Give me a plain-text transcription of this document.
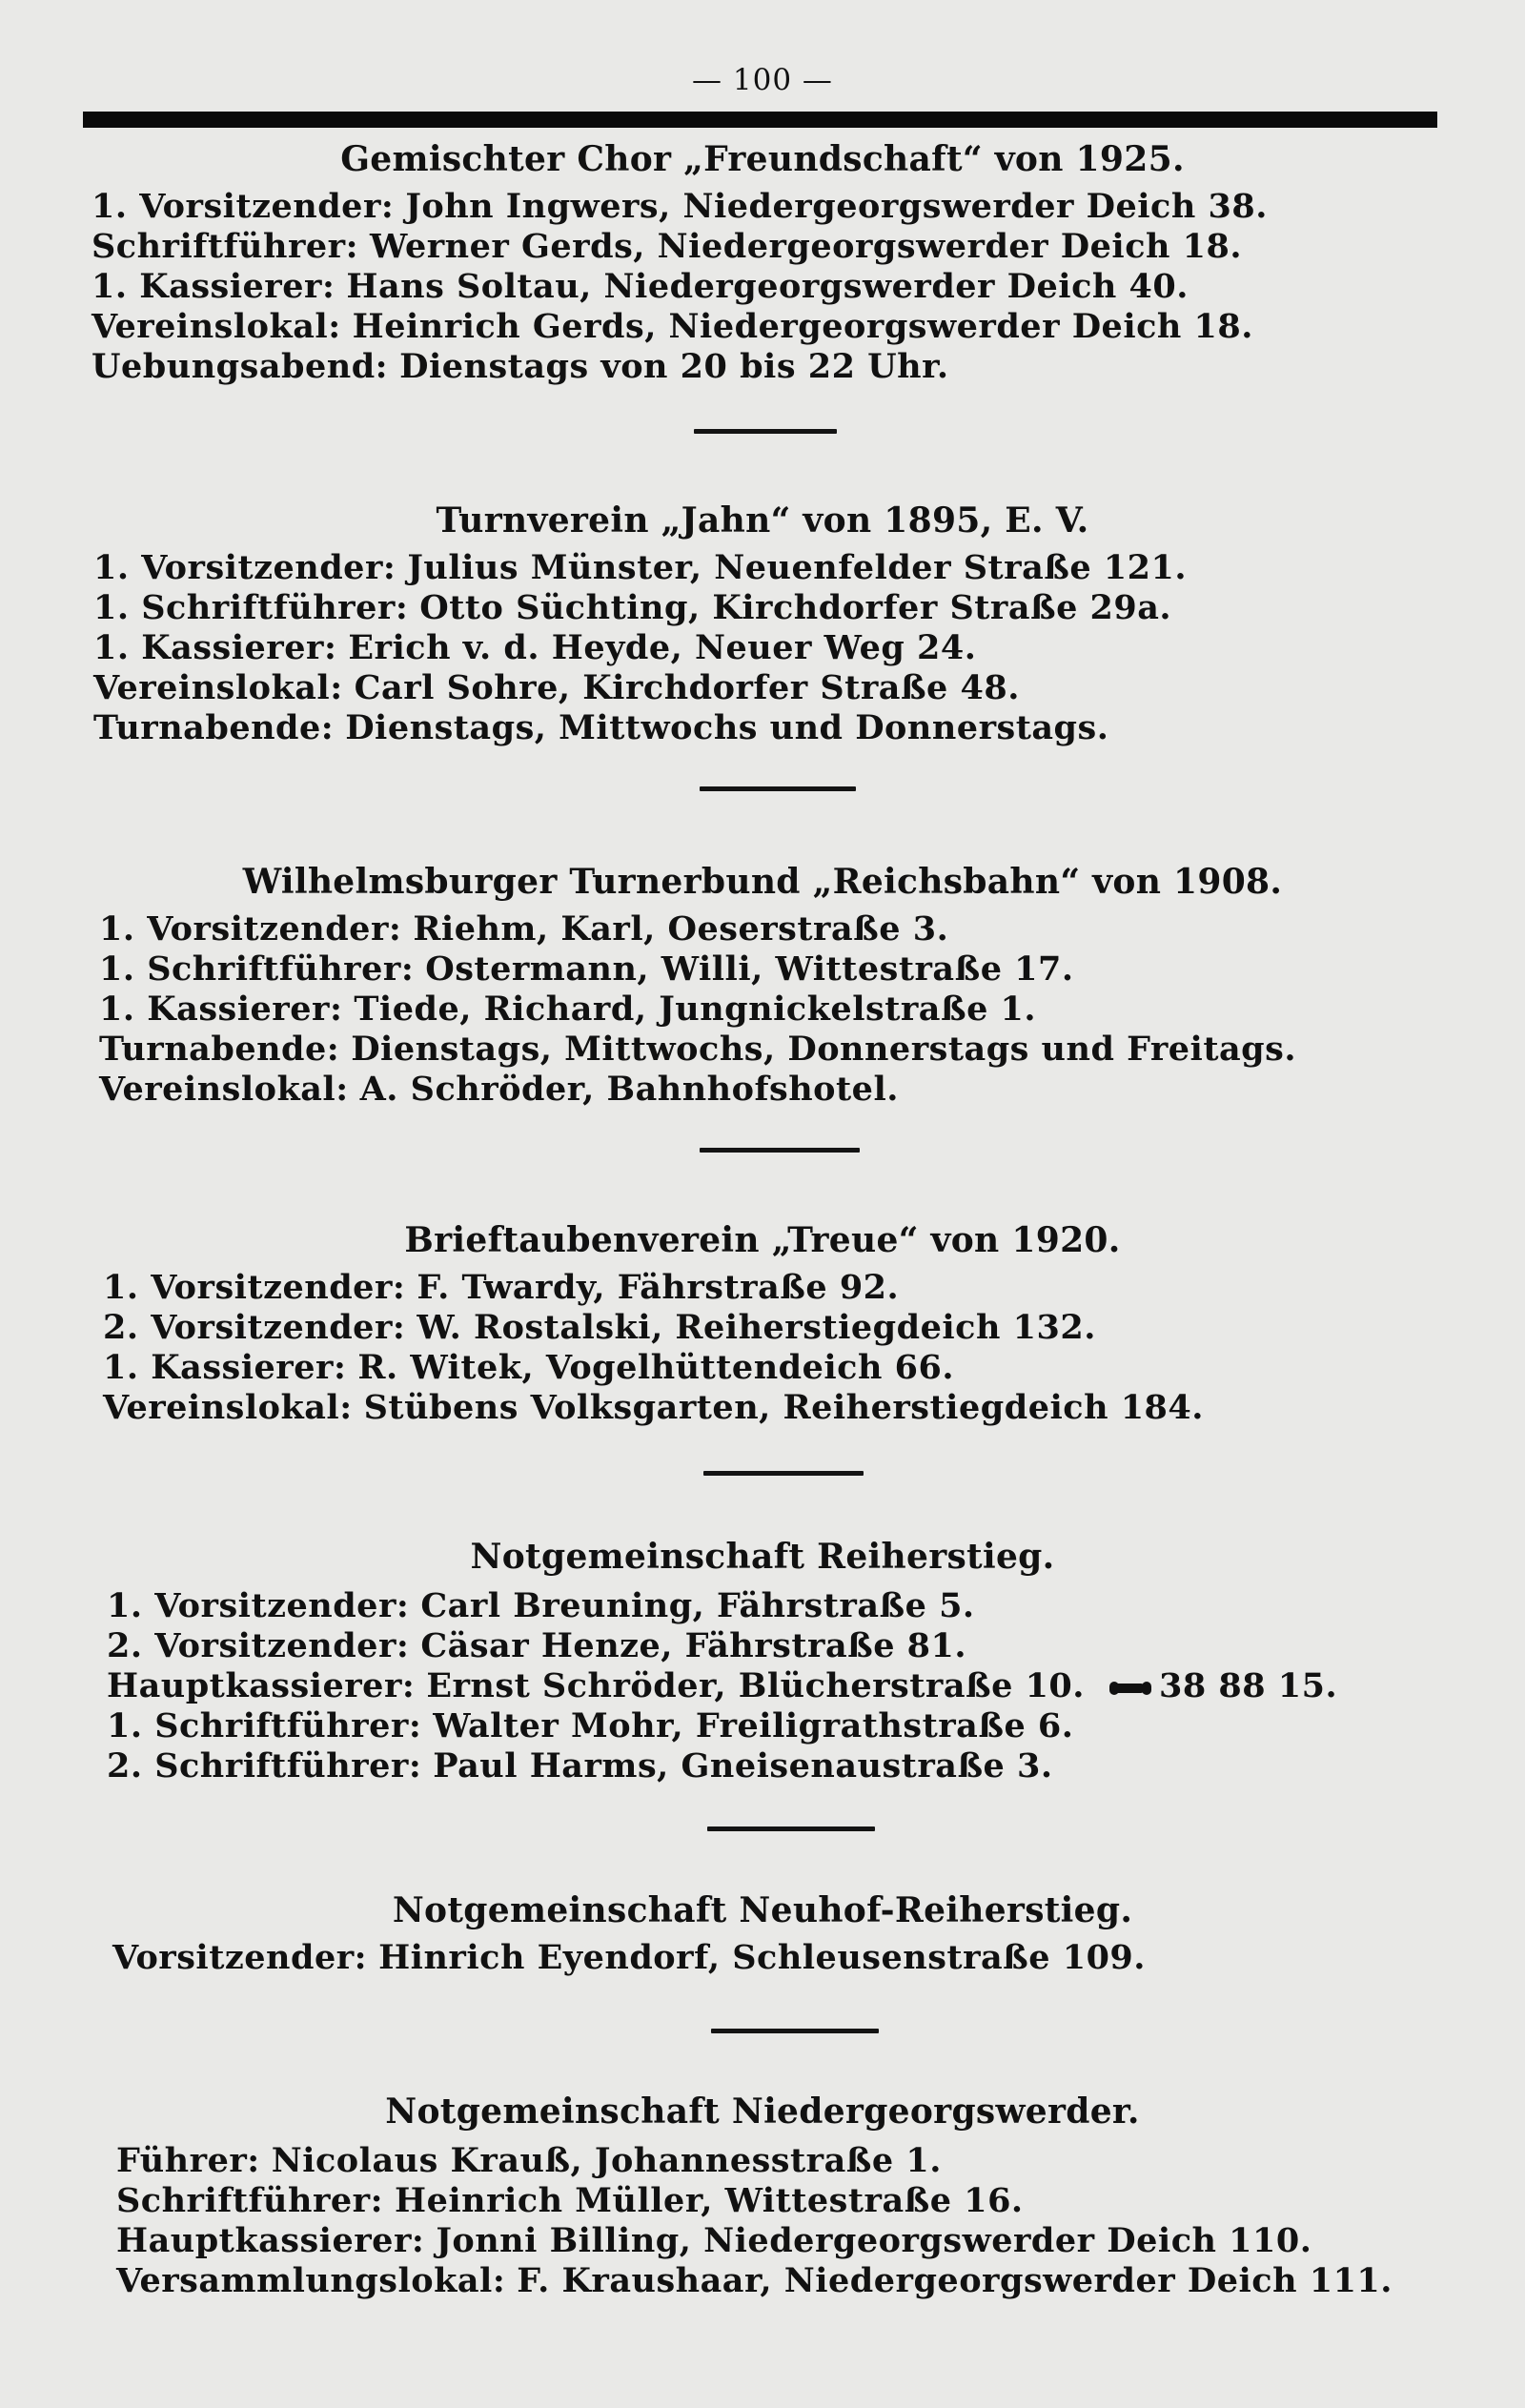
— 100 —
Gemischter Chor „Freundschaft“ von 1925.
1. Vorsitzender: John Ingwers, Niedergeorgswerder Deich 38.
Schriftführer: Werner Gerds, Niedergeorgswerder Deich 18.
1. Kassierer: Hans Soltau, Niedergeorgswerder Deich 40.
Vereinslokal: Heinrich Gerds, Niedergeorgswerder Deich 18.
Uebungsabend: Dienstags von 20 bis 22 Uhr.
Turnverein „Jahn“ von 1895, E. V.
1. Vorsitzender: Julius Münster, Neuenfelder Straße 121.
1. Schriftführer: Otto Süchting, Kirchdorfer Straße 29a.
1. Kassierer: Erich v. d. Heyde, Neuer Weg 24.
Vereinslokal: Carl Sohre, Kirchdorfer Straße 48.
Turnabende: Dienstags, Mittwochs und Donnerstags.
Wilhelmsburger Turnerbund „Reichsbahn“ von 1908.
1. Vorsitzender: Riehm, Karl, Oeserstraße 3.
1. Schriftführer: Ostermann, Willi, Wittestraße 17.
1. Kassierer: Tiede, Richard, Jungnickelstraße 1.
Turnabende: Dienstags, Mittwochs, Donnerstags und Freitags.
Vereinslokal: A. Schröder, Bahnhofshotel.
Brieftaubenverein „Treue“ von 1920.
1. Vorsitzender: F. Twardy, Fährstraße 92.
2. Vorsitzender: W. Rostalski, Reiherstiegdeich 132.
1. Kassierer: R. Witek, Vogelhüttendeich 66.
Vereinslokal: Stübens Volksgarten, Reiherstiegdeich 184.
Notgemeinschaft Reiherstieg.
1. Vorsitzender: Carl Breuning, Fährstraße 5.
2. Vorsitzender: Cäsar Henze, Fährstraße 81.
Hauptkassierer: Ernst Schröder, Blücherstraße 10. 38 88 15.
1. Schriftführer: Walter Mohr, Freiligrathstraße 6.
2. Schriftführer: Paul Harms, Gneisenaustraße 3.
Notgemeinschaft Neuhof-Reiherstieg.
Vorsitzender: Hinrich Eyendorf, Schleusenstraße 109.
Notgemeinschaft Niedergeorgswerder.
Führer: Nicolaus Krauß, Johannesstraße 1.
Schriftführer: Heinrich Müller, Wittestraße 16.
Hauptkassierer: Jonni Billing, Niedergeorgswerder Deich 110.
Versammlungslokal: F. Kraushaar, Niedergeorgswerder Deich 111.
